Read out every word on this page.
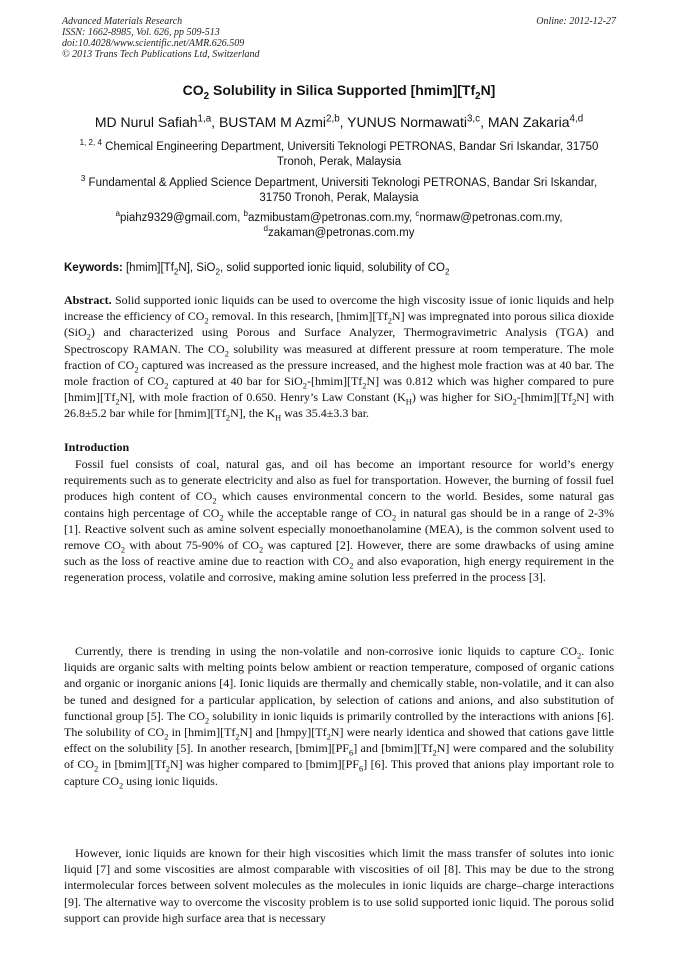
Advanced Materials Research
ISSN: 1662-8985, Vol. 626, pp 509-513
doi:10.4028/www.scientific.net/AMR.626.509
© 2013 Trans Tech Publications Ltd, Switzerland
Online: 2012-12-27
$CO_2$ Solubility in Silica Supported $[hmim][Tf_2N]$
MD Nurul Safiah$^{1,a}$, BUSTAM M Azmi$^{2,b}$, YUNUS Normawati$^{3,c}$, MAN Zakaria$^{4,d}$
$^{1, 2, 4}$ Chemical Engineering Department, Universiti Teknologi PETRONAS, Bandar Sri Iskandar, 31750 Tronoh, Perak, Malaysia
$^3$ Fundamental & Applied Science Department, Universiti Teknologi PETRONAS, Bandar Sri Iskandar, 31750 Tronoh, Perak, Malaysia
$^a$piahz9329@gmail.com, $^b$azmibustam@petronas.com.my, $^c$normaw@petronas.com.my,
$^d$zakaman@petronas.com.my
Keywords: $[hmim][Tf_2N]$, SiO$_2$, solid supported ionic liquid, solubility of $CO_2$
Abstract. Solid supported ionic liquids can be used to overcome the high viscosity issue of ionic liquids and help increase the efficiency of $CO_2$ removal. In this research, $[hmim][Tf_2N]$ was impregnated into porous silica dioxide (SiO$_2$) and characterized using Porous and Surface Analyzer, Thermogravimetric Analysis (TGA) and Spectroscopy RAMAN. The $CO_2$ solubility was measured at different pressure at room temperature. The mole fraction of $CO_2$ captured was increased as the pressure increased, and the highest mole fraction was at 40 bar. The mole fraction of $CO_2$ captured at 40 bar for $SiO_2-[hmim][Tf_2N]$ was 0.812 which was higher compared to pure $[hmim][Tf_2N]$, with mole fraction of 0.650. Henry’s Law Constant $(K_H)$ was higher for $SiO_2-[hmim][Tf_2N]$ with 26.8±5.2 bar while for $[hmim][Tf_2N]$, the $K_H$ was 35.4±3.3 bar.
Introduction
Fossil fuel consists of coal, natural gas, and oil has become an important resource for world’s energy requirements such as to generate electricity and also as fuel for transportation. However, the burning of fossil fuel produces high content of $CO_2$ which causes environmental concern to the world. Besides, some natural gas contains high percentage of $CO_2$ while the acceptable range of $CO_2$ in natural gas should be in a range of 2-3% [1]. Reactive solvent such as amine solvent especially monoethanolamine (MEA), is the common solvent used to remove $CO_2$ with about 75-90% of $CO_2$ was captured [2]. However, there are some drawbacks of using amine such as the loss of reactive amine due to reaction with $CO_2$ and also evaporation, high energy requirement in the regeneration process, volatile and corrosive, making amine solution less preferred in the process [3].
Currently, there is trending in using the non-volatile and non-corrosive ionic liquids to capture $CO_2$. Ionic liquids are organic salts with melting points below ambient or reaction temperature, composed of organic cations and organic or inorganic anions [4]. Ionic liquids are thermally and chemically stable, non-volatile, and it can also be tuned and designed for a particular application, by selection of cations and anions, and also substitution of functional group [5]. The $CO_2$ solubility in ionic liquids is primarily controlled by the interactions with anions [6]. The solubility of $CO_2$ in $[hmim][Tf_2N]$ and $[hmpy][Tf_2N]$ were nearly identica and showed that cations gave little effect on the solubility [5]. In another research, $[bmim][PF_6]$ and $[bmim][Tf_2N]$ were compared and the solubility of $CO_2$ in $[bmim][Tf_2N]$ was higher compared to $[bmim][PF_6]$ [6]. This proved that anions play important role to capture $CO_2$ using ionic liquids.
However, ionic liquids are known for their high viscosities which limit the mass transfer of solutes into ionic liquid [7] and some viscosities are almost comparable with viscosities of oil [8]. This may be due to the strong intermolecular forces between solvent molecules as the molecules in ionic liquids are charge–charge interactions [9]. The alternative way to overcome the viscosity problem is to use solid supported ionic liquid. The porous solid support can provide high surface area that is necessary
